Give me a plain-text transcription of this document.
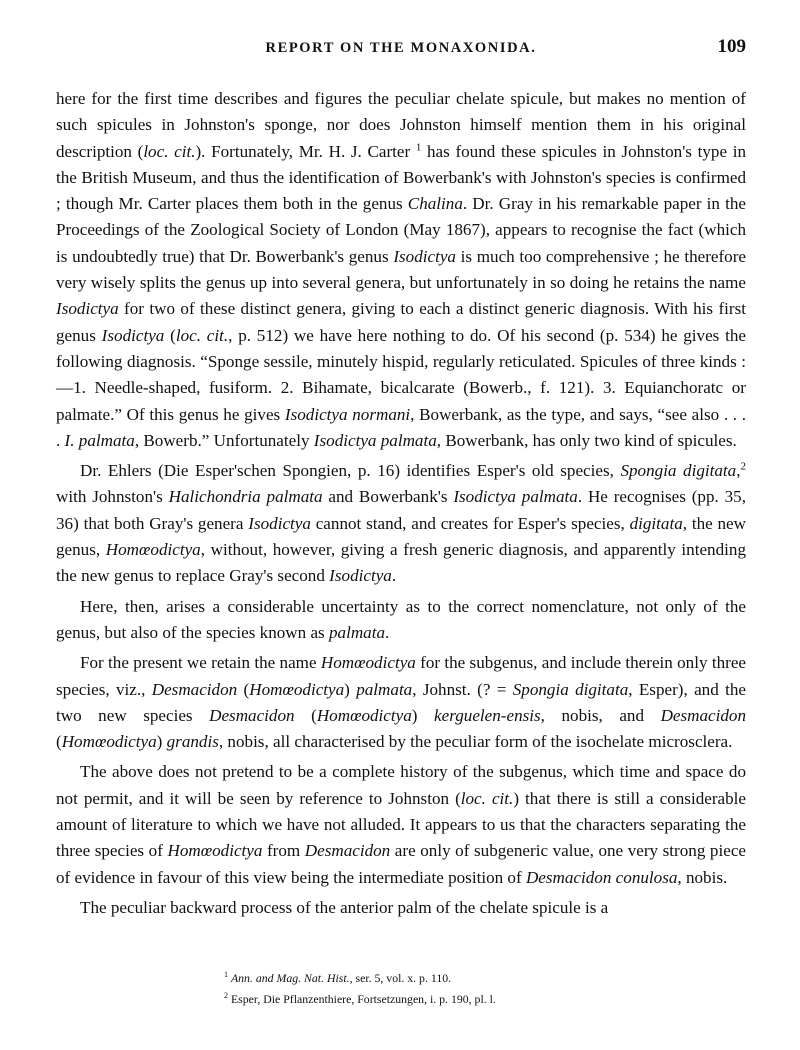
REPORT ON THE MONAXONIDA.	109

here for the first time describes and figures the peculiar chelate spicule, but makes no mention of such spicules in Johnston's sponge, nor does Johnston himself mention them in his original description (loc. cit.). Fortunately, Mr. H. J. Carter $^1$ has found these spicules in Johnston's type in the British Museum, and thus the identification of Bowerbank's with Johnston's species is confirmed ; though Mr. Carter places them both in the genus Chalina. Dr. Gray in his remarkable paper in the Proceedings of the Zoological Society of London (May 1867), appears to recognise the fact (which is undoubtedly true) that Dr. Bowerbank's genus Isodictya is much too comprehensive ; he therefore very wisely splits the genus up into several genera, but unfortunately in so doing he retains the name Isodictya for two of these distinct genera, giving to each a distinct generic diagnosis. With his first genus Isodictya (loc. cit., p. 512) we have here nothing to do. Of his second (p. 534) he gives the following diagnosis. “Sponge sessile, minutely hispid, regularly reticulated. Spicules of three kinds :—1. Needle-shaped, fusiform. 2. Bihamate, bicalcarate (Bowerb., f. 121). 3. Equianchoratc or palmate.” Of this genus he gives Isodictya normani, Bowerbank, as the type, and says, “see also . . . . I. palmata, Bowerb.” Unfortunately Isodictya palmata, Bowerbank, has only two kind of spicules.

Dr. Ehlers (Die Esper'schen Spongien, p. 16) identifies Esper's old species, Spongia digitata,$^2$ with Johnston's Halichondria palmata and Bowerbank's Isodictya palmata. He recognises (pp. 35, 36) that both Gray's genera Isodictya cannot stand, and creates for Esper's species, digitata, the new genus, Homœodictya, without, however, giving a fresh generic diagnosis, and apparently intending the new genus to replace Gray's second Isodictya.

Here, then, arises a considerable uncertainty as to the correct nomenclature, not only of the genus, but also of the species known as palmata.

For the present we retain the name Homœodictya for the subgenus, and include therein only three species, viz., Desmacidon (Homœodictya) palmata, Johnst. (? = Spongia digitata, Esper), and the two new species Desmacidon (Homœodictya) kerguelen-ensis, nobis, and Desmacidon (Homœodictya) grandis, nobis, all characterised by the peculiar form of the isochelate microsclera.

The above does not pretend to be a complete history of the subgenus, which time and space do not permit, and it will be seen by reference to Johnston (loc. cit.) that there is still a considerable amount of literature to which we have not alluded. It appears to us that the characters separating the three species of Homœodictya from Desmacidon are only of subgeneric value, one very strong piece of evidence in favour of this view being the intermediate position of Desmacidon conulosa, nobis.

The peculiar backward process of the anterior palm of the chelate spicule is a

$^1$ Ann. and Mag. Nat. Hist., ser. 5, vol. x. p. 110.

$^2$ Esper, Die Pflanzenthiere, Fortsetzungen, i. p. 190, pl. l.
